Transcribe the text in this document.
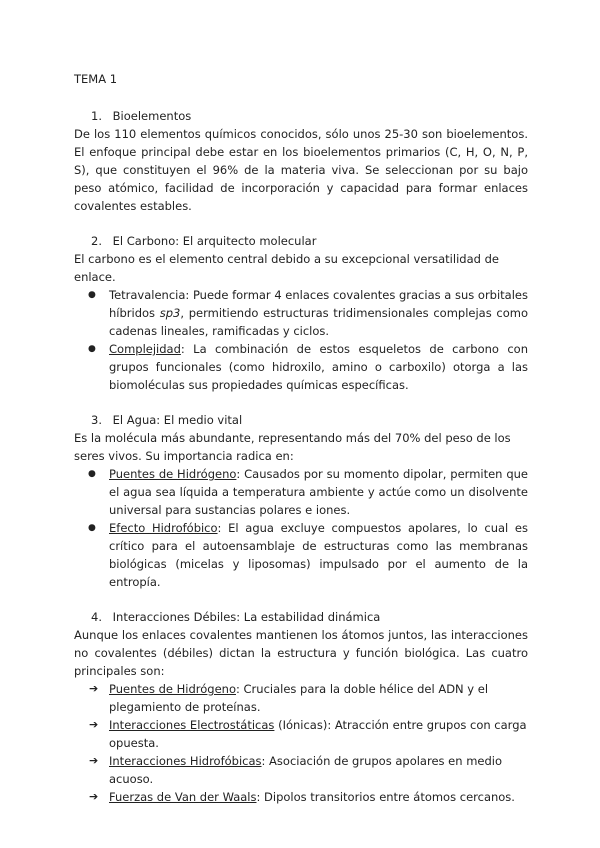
TEMA 1
1. Bioelementos

De los 110 elementos químicos conocidos, sólo unos 25-30 son bioelementos. El enfoque principal debe estar en los bioelementos primarios (C, H, O, N, P, S), que constituyen el 96% de la materia viva. Se seleccionan por su bajo peso atómico, facilidad de incorporación y capacidad para formar enlaces covalentes estables.

2. El Carbono: El arquitecto molecular

El carbono es el elemento central debido a su excepcional versatilidad de enlace.

● Tetravalencia: Puede formar 4 enlaces covalentes gracias a sus orbitales híbridos sp3, permitiendo estructuras tridimensionales complejas como cadenas lineales, ramificadas y ciclos.
● Complejidad: La combinación de estos esqueletos de carbono con grupos funcionales (como hidroxilo, amino o carboxilo) otorga a las biomoléculas sus propiedades químicas específicas.
3. El Agua: El medio vital

Es la molécula más abundante, representando más del 70% del peso de los seres vivos. Su importancia radica en:

● Puentes de Hidrógeno: Causados por su momento dipolar, permiten que el agua sea líquida a temperatura ambiente y actúe como un disolvente universal para sustancias polares e iones.
● Efecto Hidrofóbico: El agua excluye compuestos apolares, lo cual es crítico para el autoensamblaje de estructuras como las membranas biológicas (micelas y liposomas) impulsado por el aumento de la entropía.
4. Interacciones Débiles: La estabilidad dinámica

Aunque los enlaces covalentes mantienen los átomos juntos, las interacciones no covalentes (débiles) dictan la estructura y función biológica. Las cuatro principales son:

➔ Puentes de Hidrógeno: Cruciales para la doble hélice del ADN y el plegamiento de proteínas.
➔ Interacciones Electrostáticas (Iónicas): Atracción entre grupos con carga opuesta.
➔ Interacciones Hidrofóbicas: Asociación de grupos apolares en medio acuoso.
➔ Fuerzas de Van der Waals: Dipolos transitorios entre átomos cercanos.
